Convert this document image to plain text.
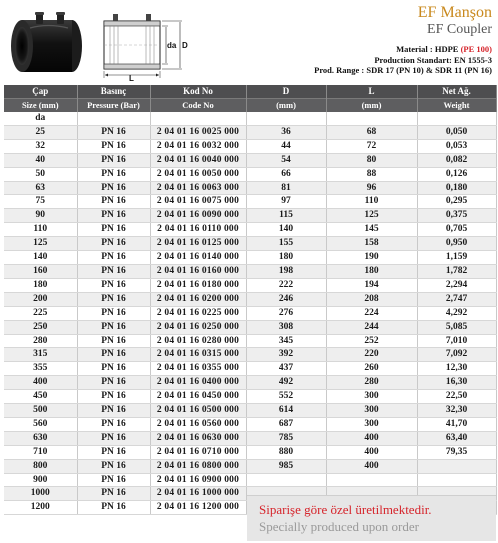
L
da D
EF Manşon
EF Coupler
Material : HDPE (PE 100)
Production Standart: EN 1555-3
Prod. Range : SDR 17 (PN 10) & SDR 11 (PN 16)
Çap	Basınç	Kod No	D	L	Net Ağ.
Size (mm)	Pressure (Bar)	Code No	(mm)	(mm)	Weight
da					
25	PN 16	2 04 01 16 0025 000	36	68	0,050
32	PN 16	2 04 01 16 0032 000	44	72	0,053
40	PN 16	2 04 01 16 0040 000	54	80	0,082
50	PN 16	2 04 01 16 0050 000	66	88	0,126
63	PN 16	2 04 01 16 0063 000	81	96	0,180
75	PN 16	2 04 01 16 0075 000	97	110	0,295
90	PN 16	2 04 01 16 0090 000	115	125	0,375
110	PN 16	2 04 01 16 0110 000	140	145	0,705
125	PN 16	2 04 01 16 0125 000	155	158	0,950
140	PN 16	2 04 01 16 0140 000	180	190	1,159
160	PN 16	2 04 01 16 0160 000	198	180	1,782
180	PN 16	2 04 01 16 0180 000	222	194	2,294
200	PN 16	2 04 01 16 0200 000	246	208	2,747
225	PN 16	2 04 01 16 0225 000	276	224	4,292
250	PN 16	2 04 01 16 0250 000	308	244	5,085
280	PN 16	2 04 01 16 0280 000	345	252	7,010
315	PN 16	2 04 01 16 0315 000	392	220	7,092
355	PN 16	2 04 01 16 0355 000	437	260	12,30
400	PN 16	2 04 01 16 0400 000	492	280	16,30
450	PN 16	2 04 01 16 0450 000	552	300	22,50
500	PN 16	2 04 01 16 0500 000	614	300	32,30
560	PN 16	2 04 01 16 0560 000	687	300	41,70
630	PN 16	2 04 01 16 0630 000	785	400	63,40
710	PN 16	2 04 01 16 0710 000	880	400	79,35
800	PN 16	2 04 01 16 0800 000	985	400	
900	PN 16	2 04 01 16 0900 000			
1000	PN 16	2 04 01 16 1000 000			
1200	PN 16	2 04 01 16 1200 000			Siparişe göre özel üretilmektedir.
Specially produced upon order
